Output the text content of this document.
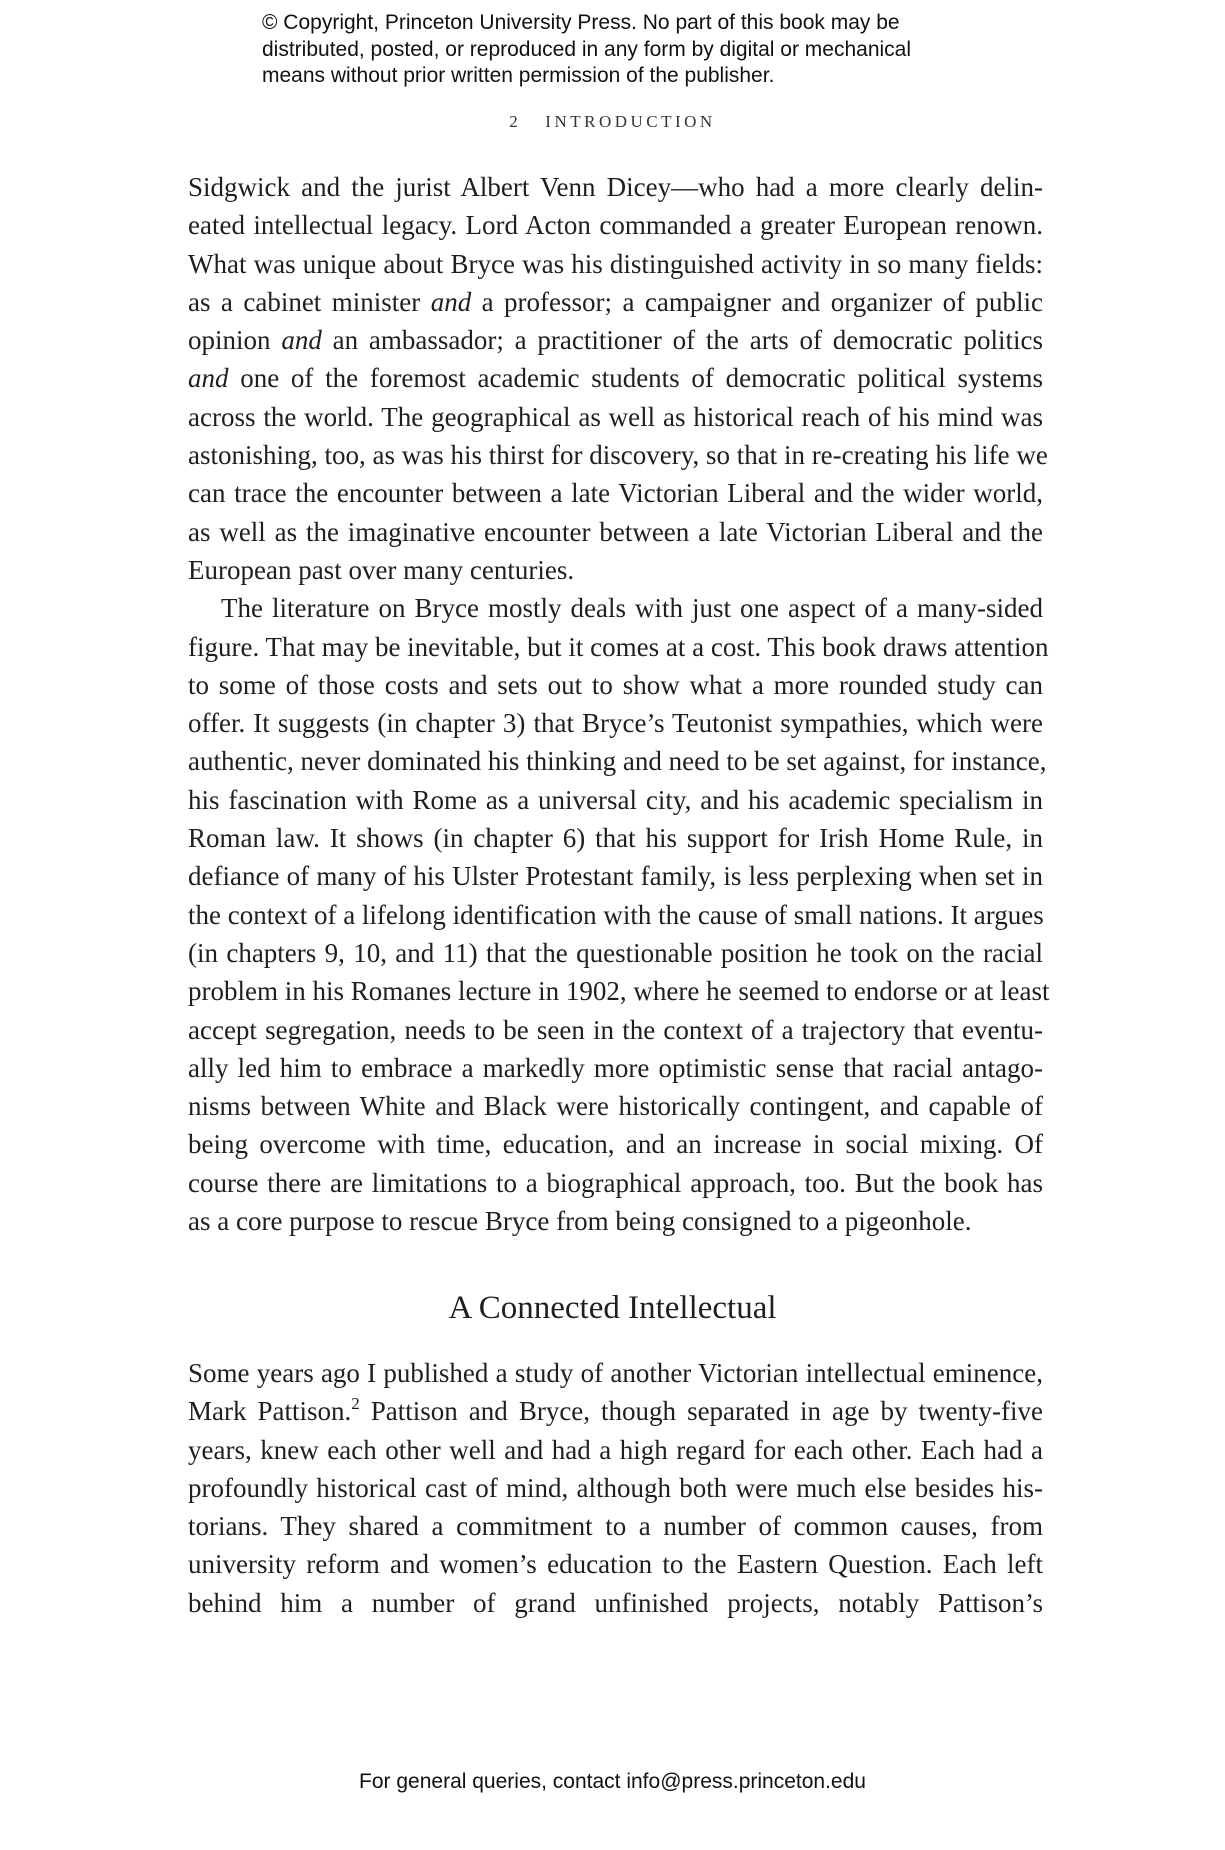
© Copyright, Princeton University Press. No part of this book may be
distributed, posted, or reproduced in any form by digital or mechanical
means without prior written permission of the publisher.
2 INTRODUCTION
Sidgwick and the jurist Albert Venn Dicey—who had a more clearly delin-
eated intellectual legacy. Lord Acton commanded a greater European renown.
What was unique about Bryce was his distinguished activity in so many fields:
as a cabinet minister and a professor; a campaigner and organizer of public
opinion and an ambassador; a practitioner of the arts of democratic politics
and one of the foremost academic students of democratic political systems
across the world. The geographical as well as historical reach of his mind was
astonishing, too, as was his thirst for discovery, so that in re-creating his life we
can trace the encounter between a late Victorian Liberal and the wider world,
as well as the imaginative encounter between a late Victorian Liberal and the
European past over many centuries.
The literature on Bryce mostly deals with just one aspect of a many-sided
figure. That may be inevitable, but it comes at a cost. This book draws attention
to some of those costs and sets out to show what a more rounded study can
offer. It suggests (in chapter 3) that Bryce’s Teutonist sympathies, which were
authentic, never dominated his thinking and need to be set against, for instance,
his fascination with Rome as a universal city, and his academic specialism in
Roman law. It shows (in chapter 6) that his support for Irish Home Rule, in
defiance of many of his Ulster Protestant family, is less perplexing when set in
the context of a lifelong identification with the cause of small nations. It argues
(in chapters 9, 10, and 11) that the questionable position he took on the racial
problem in his Romanes lecture in 1902, where he seemed to endorse or at least
accept segregation, needs to be seen in the context of a trajectory that eventu-
ally led him to embrace a markedly more optimistic sense that racial antago-
nisms between White and Black were historically contingent, and capable of
being overcome with time, education, and an increase in social mixing. Of
course there are limitations to a biographical approach, too. But the book has
as a core purpose to rescue Bryce from being consigned to a pigeonhole.
A Connected Intellectual
Some years ago I published a study of another Victorian intellectual eminence,
Mark Pattison.$^2$ Pattison and Bryce, though separated in age by twenty-five
years, knew each other well and had a high regard for each other. Each had a
profoundly historical cast of mind, although both were much else besides his-
torians. They shared a commitment to a number of common causes, from
university reform and women’s education to the Eastern Question. Each left
behind him a number of grand unfinished projects, notably Pattison’s
For general queries, contact info@press.princeton.edu
